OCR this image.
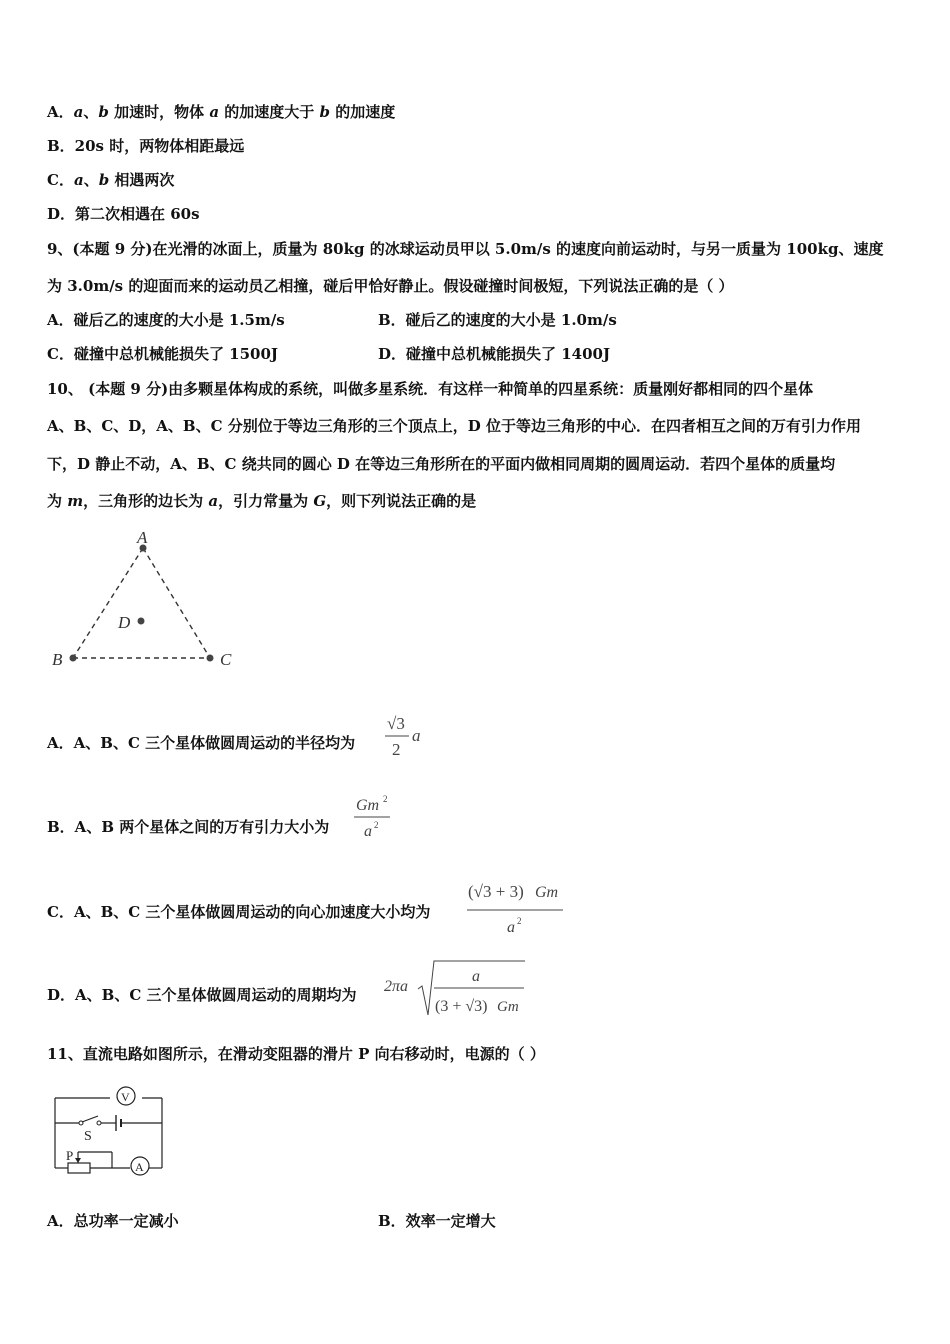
A．a、b 加速时，物体 a 的加速度大于 b 的加速度
B．20s 时，两物体相距最远
C．a、b 相遇两次
D．第二次相遇在 60s
9、(本题 9 分)在光滑的冰面上，质量为 80kg 的冰球运动员甲以 5.0m/s 的速度向前运动时，与另一质量为 100kg、速度
为 3.0m/s 的迎面而来的运动员乙相撞，碰后甲恰好静止。假设碰撞时间极短，下列说法正确的是（ ）
A．碰后乙的速度的大小是 1.5m/s	B．碰后乙的速度的大小是 1.0m/s
C．碰撞中总机械能损失了 1500J	D．碰撞中总机械能损失了 1400J
10、 (本题 9 分)由多颗星体构成的系统，叫做多星系统．有这样一种简单的四星系统：质量刚好都相同的四个星体
A、B、C、D，A、B、C 分别位于等边三角形的三个顶点上，D 位于等边三角形的中心．在四者相互之间的万有引力作用
下，D 静止不动，A、B、C 绕共同的圆心 D 在等边三角形所在的平面内做相同周期的圆周运动．若四个星体的质量均
为 m，三角形的边长为 a，引力常量为 G，则下列说法正确的是
A
B	C
D
A．A、B、C 三个星体做圆周运动的半径均为
√3
2
a
B．A、B 两个星体之间的万有引力大小为
Gm 2
a 2
C．A、B、C 三个星体做圆周运动的向心加速度大小均为
(√3 + 3) Gm
a 2
D．A、B、C 三个星体做圆周运动的周期均为 2πa
a
(3 + √3) Gm
11、直流电路如图所示，在滑动变阻器的滑片 P 向右移动时，电源的（ ）
V
S
P
A
A．总功率一定减小	B．效率一定增大
